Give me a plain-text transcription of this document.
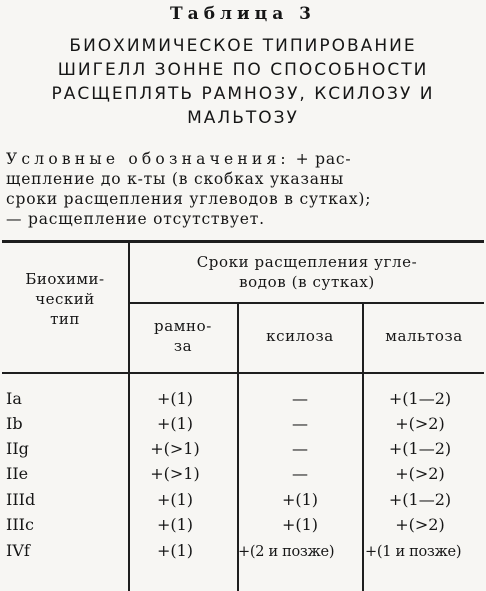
Таблица 3
БИОХИМИЧЕСКОЕ ТИПИРОВАНИЕ
ШИГЕЛЛ ЗОННЕ ПО СПОСОБНОСТИ
РАСЩЕПЛЯТЬ РАМНОЗУ, КСИЛОЗУ И
МАЛЬТОЗУ
Условные обозначения: + рас-
щепление до к-ты (в скобках указаны
сроки расщепления углеводов в сутках);
— расщепление отсутствует.
Биохими-
ческий
тип
Сроки расщепления угле-
водов (в сутках)
рамно-
за
ксилоза	мальтоза
Ia	+(1)	—	+(1—2)
Ib	+(1)	—	+(>2)
IIg	+(>1)	—	+(1—2)
IIe	+(>1)	—	+(>2)
IIId	+(1)	+(1)	+(1—2)
IIIc	+(1)	+(1)	+(>2)
IVf	+(1)	+(2 и позже)	+(1 и позже)
